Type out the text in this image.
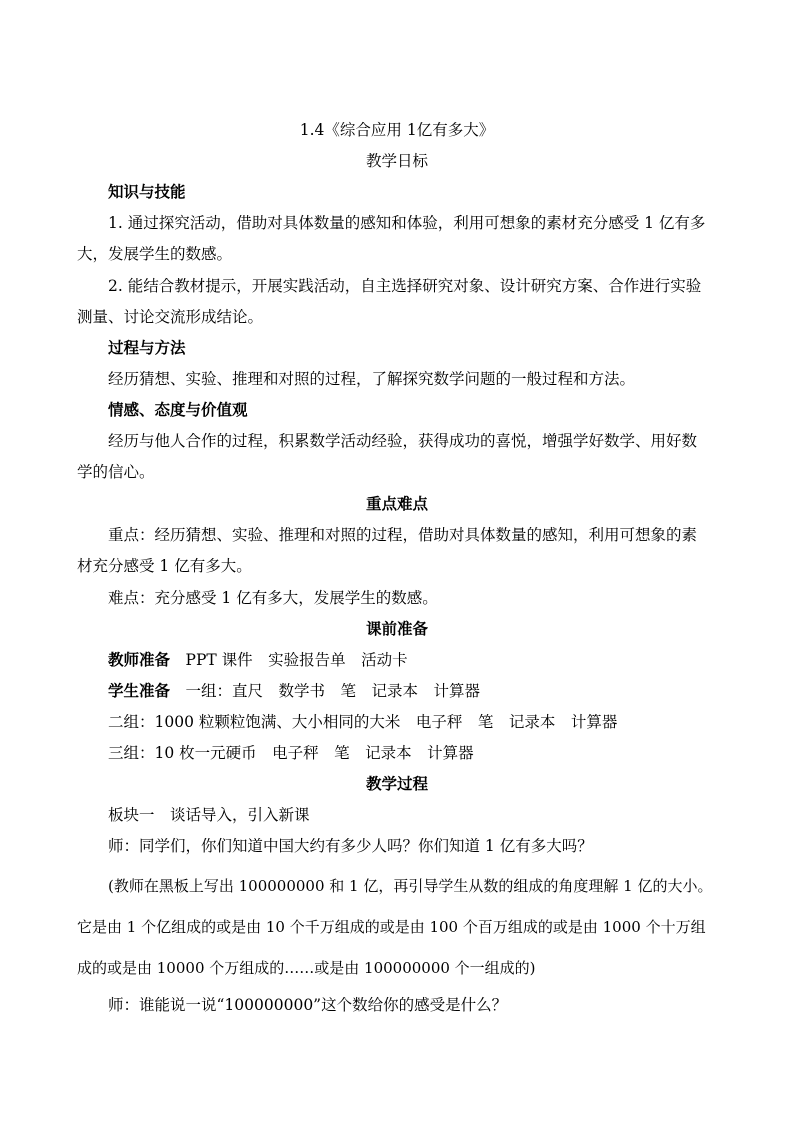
1.4《综合应用 1亿有多大》
教学日标
知识与技能
1. 通过探究活动，借助对具体数量的感知和体验，利用可想象的素材充分感受 1 亿有多
大，发展学生的数感。
2. 能结合教材提示，开展实践活动，自主选择研究对象、设计研究方案、合作进行实验
测量、讨论交流形成结论。
过程与方法
经历猜想、实验、推理和对照的过程，了解探究数学问题的一般过程和方法。
情感、态度与价值观
经历与他人合作的过程，积累数学活动经验，获得成功的喜悦，增强学好数学、用好数
学的信心。
重点难点
重点：经历猜想、实验、推理和对照的过程，借助对具体数量的感知，利用可想象的素
材充分感受 1 亿有多大。
难点：充分感受 1 亿有多大，发展学生的数感。
课前准备
教师准备　 PPT 课件　实验报告单　活动卡
学生准备　 一组：直尺　数学书　笔　记录本　计算器
二组：1000 粒颗粒饱满、大小相同的大米　电子秤　笔　记录本　计算器
三组：10 枚一元硬币　电子秤　笔　记录本　计算器
教学过程
板块一　谈话导入，引入新课
师：同学们，你们知道中国大约有多少人吗？你们知道 1 亿有多大吗？
(教师在黑板上写出 100000000 和 1 亿，再引导学生从数的组成的角度理解 1 亿的大小。
它是由 1 个亿组成的或是由 10 个千万组成的或是由 100 个百万组成的或是由 1000 个十万组
成的或是由 10000 个万组成的……或是由 100000000 个一组成的)
师：谁能说一说“100000000”这个数给你的感受是什么？
